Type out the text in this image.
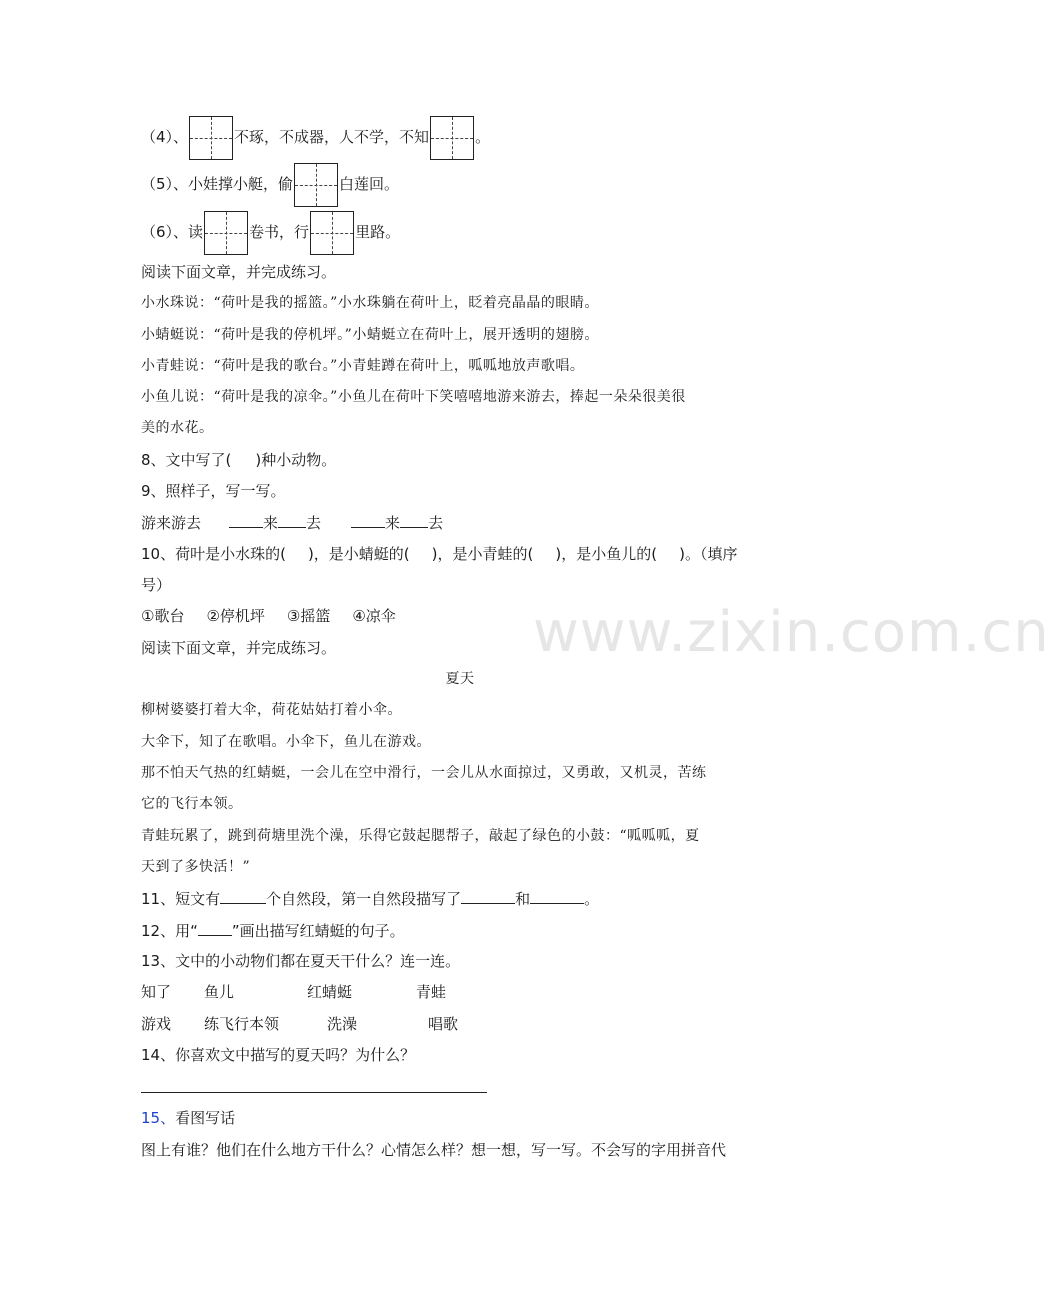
（4）、	不琢，不成器，人不学，不知	。
（5）、小娃撑小艇，偷	白莲回。
（6）、读	卷书，行	里路。
阅读下面文章，并完成练习。
小水珠说：“荷叶是我的摇篮。”小水珠躺在荷叶上，眨着亮晶晶的眼睛。
小蜻蜓说：“荷叶是我的停机坪。”小蜻蜓立在荷叶上，展开透明的翅膀。
小青蛙说：“荷叶是我的歌台。”小青蛙蹲在荷叶上，呱呱地放声歌唱。
小鱼儿说：“荷叶是我的凉伞。”小鱼儿在荷叶下笑嘻嘻地游来游去，捧起一朵朵很美很
美的水花。
8、文中写了( )种小动物。
9、照样子，写一写。
游来游去	来 去	来 去
10、荷叶是小水珠的( )，是小蜻蜓的( )，是小青蛙的( )，是小鱼儿的( )。（填序
号）
①歌台 ②停机坪 ③摇篮 ④凉伞
阅读下面文章，并完成练习。
夏天
柳树婆婆打着大伞，荷花姑姑打着小伞。
大伞下，知了在歌唱。小伞下，鱼儿在游戏。
那不怕天气热的红蜻蜓，一会儿在空中滑行，一会儿从水面掠过，又勇敢，又机灵，苦练
它的飞行本领。
青蛙玩累了，跳到荷塘里洗个澡，乐得它鼓起腮帮子，敲起了绿色的小鼓：“呱呱呱，夏
天到了多快活！”
11、短文有	个自然段，第一自然段描写了	和	。
12、用“ ”画出描写红蜻蜓的句子。
13、文中的小动物们都在夏天干什么？连一连。
知了 鱼儿	红蜻蜓	青蛙
游戏 练飞行本领	洗澡	唱歌
14、你喜欢文中描写的夏天吗？为什么？
15、看图写话
图上有谁？他们在什么地方干什么？心情怎么样？想一想，写一写。不会写的字用拼音代
www.zixin.com.cn
